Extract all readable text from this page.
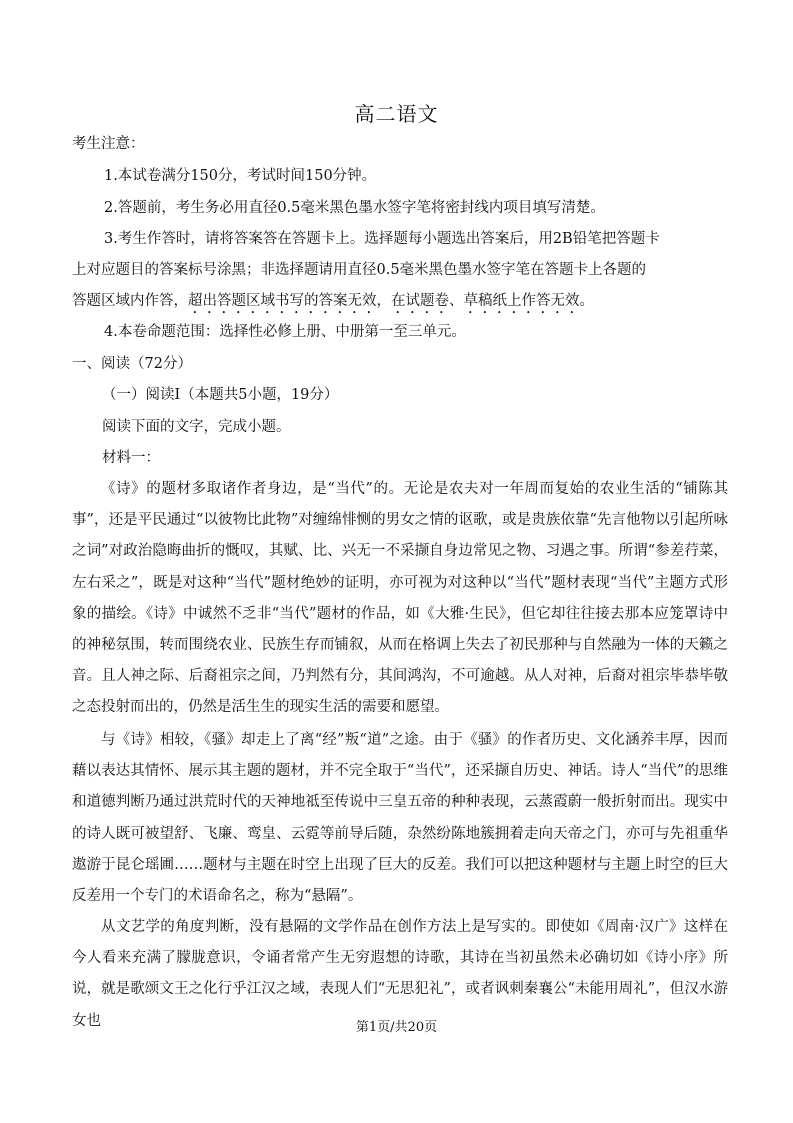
高二语文
考生注意：
1.本试卷满分150分，考试时间150分钟。
2.答题前，考生务必用直径0.5毫米黑色墨水签字笔将密封线内项目填写清楚。
3.考生作答时，请将答案答在答题卡上。选择题每小题选出答案后，用2B铅笔把答题卡
上对应题目的答案标号涂黑；非选择题请用直径0.5毫米黑色墨水签字笔在答题卡上各题的
答题区域内作答，超出答题区域书写的答案无效，在试题卷、草稿纸上作答无效。
4.本卷命题范围：选择性必修上册、中册第一至三单元。
一、阅读（72分）
（一）阅读Ⅰ（本题共5小题，19分）
阅读下面的文字，完成小题。
材料一：
《诗》的题材多取诸作者身边，是“当代”的。无论是农夫对一年周而复始的农业生活的“铺陈其事”，还是平民通过“以彼物比此物”对缠绵悱恻的男女之情的讴歌，或是贵族依靠“先言他物以引起所咏之词”对政治隐晦曲折的慨叹，其赋、比、兴无一不采撷自身边常见之物、习遇之事。所谓“参差荇菜，左右采之”，既是对这种“当代”题材绝妙的证明，亦可视为对这种以“当代”题材表现“当代”主题方式形象的描绘。《诗》中诚然不乏非“当代”题材的作品，如《大雅·生民》，但它却往往接去那本应笼罩诗中的神秘氛围，转而围绕农业、民族生存而铺叙，从而在格调上失去了初民那种与自然融为一体的天籁之音。且人神之际、后裔祖宗之间，乃判然有分，其间鸿沟，不可逾越。从人对神，后裔对祖宗毕恭毕敬之态投射而出的，仍然是活生生的现实生活的需要和愿望。
与《诗》相较，《骚》却走上了离“经”叛“道”之途。由于《骚》的作者历史、文化涵养丰厚，因而藉以表达其情怀、展示其主题的题材，并不完全取于“当代”，还采撷自历史、神话。诗人“当代”的思维和道德判断乃通过洪荒时代的天神地祗至传说中三皇五帝的种种表现，云蒸霞蔚一般折射而出。现实中的诗人既可被望舒、飞廉、鸾皇、云霓等前导后随，杂然纷陈地簇拥着走向天帝之门，亦可与先祖重华遨游于昆仑瑶圃……题材与主题在时空上出现了巨大的反差。我们可以把这种题材与主题上时空的巨大反差用一个专门的术语命名之，称为“悬隔”。
从文艺学的角度判断，没有悬隔的文学作品在创作方法上是写实的。即使如《周南·汉广》这样在今人看来充满了朦胧意识，令诵者常产生无穷遐想的诗歌，其诗在当初虽然未必确切如《诗小序》所说，就是歌颂文王之化行乎江汉之域，表现人们“无思犯礼”，或者讽刺秦襄公“未能用周礼”，但汉水游女也	第1页/共20页
